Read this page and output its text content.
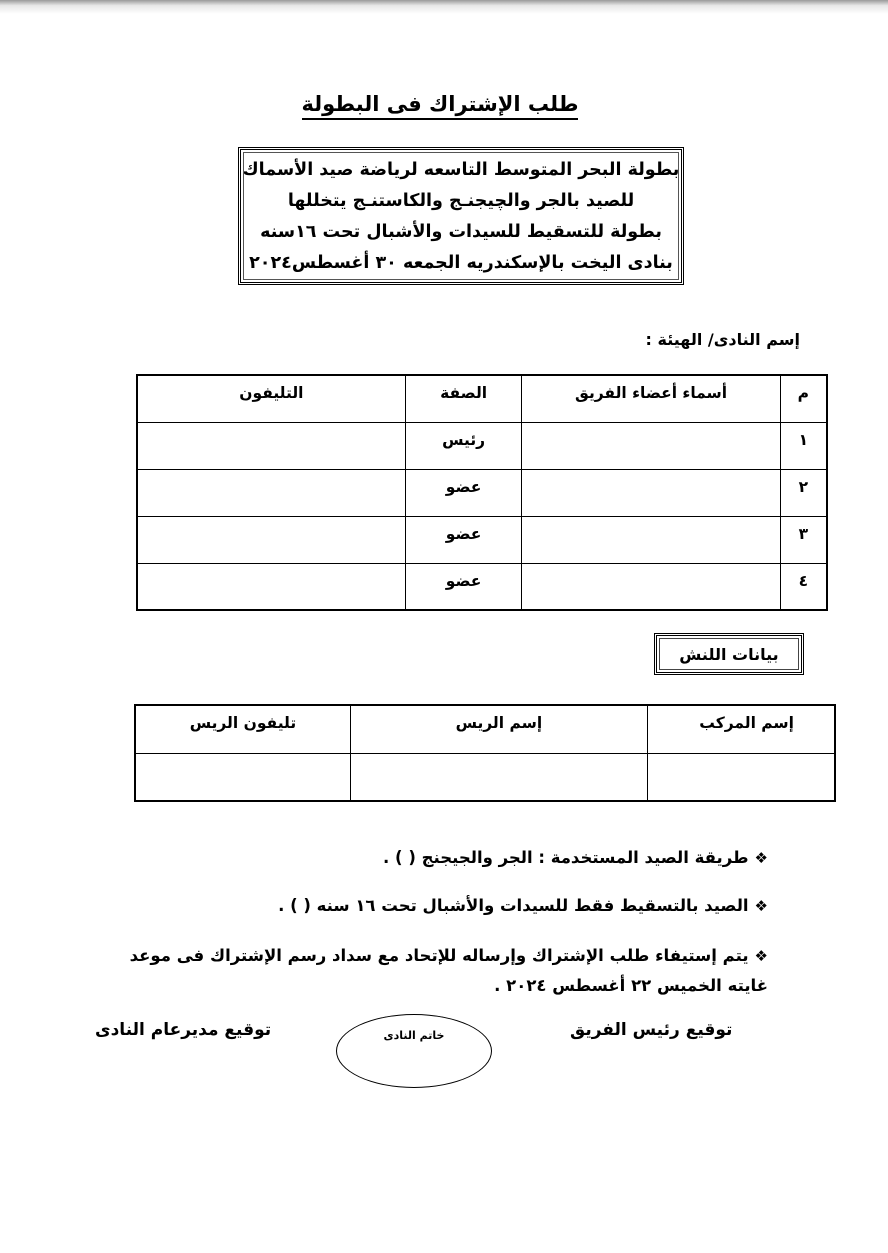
طلب الإشتراك فى البطولة
بطولة البحر المتوسط التاسعه لرياضة صيد الأسماك
للصيد بالجر والچيجنـج والكاستنـج يتخللها
بطولة للتسقيط للسيدات والأشبال تحت ١٦سنه
بنادى اليخت بالإسكندريه الجمعه ٣٠ أغسطس٢٠٢٤
إسم النادى/ الهيئة :
م	أسماء أعضاء الفريق	الصفة	التليفون
١		رئيس	
٢		عضو	
٣		عضو	
٤		عضو	
بيانات اللنش
إسم المركب	إسم الريس	تليفون الريس

❖طريقة الصيد المستخدمة : الجر والجيجنج ( ) .
❖الصيد بالتسقيط فقط للسيدات والأشبال تحت ١٦ سنه ( ) .
❖يتم إستيفاء طلب الإشتراك وإرساله للإتحاد مع سداد رسم الإشتراك فى موعد غايته الخميس ٢٢ أغسطس ٢٠٢٤ .
توقيع رئيس الفريق
خاتم النادى
توقيع مديرعام النادى
